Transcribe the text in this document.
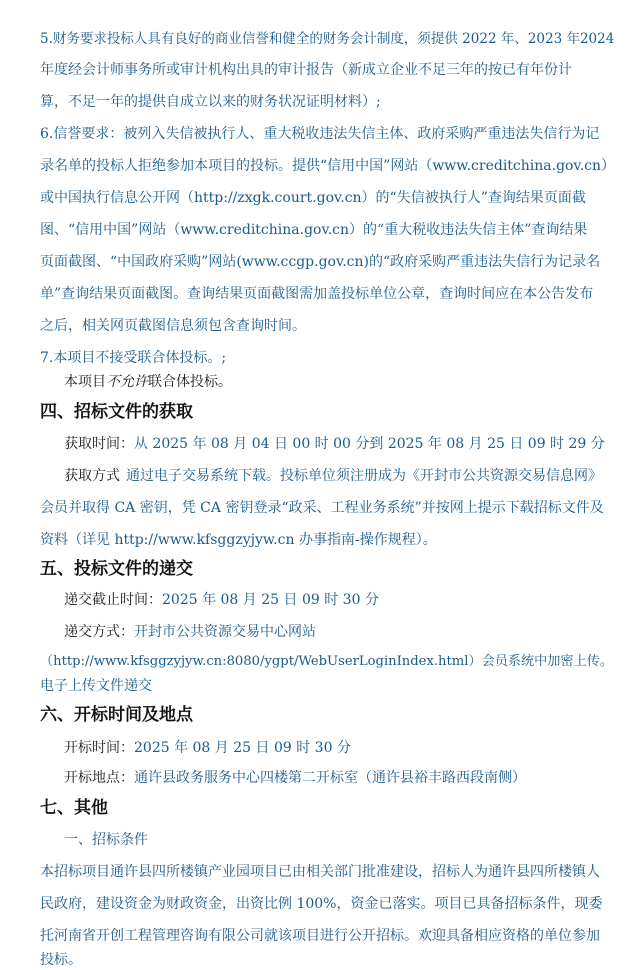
5.财务要求投标人具有良好的商业信誉和健全的财务会计制度，须提供 2022 年、2023 年2024
年度经会计师事务所或审计机构出具的审计报告（新成立企业不足三年的按已有年份计
算，不足一年的提供自成立以来的财务状况证明材料）;
6.信誉要求：被列入失信被执行人、重大税收违法失信主体、政府采购严重违法失信行为记
录名单的投标人拒绝参加本项目的投标。提供“信用中国”网站（www.creditchina.gov.cn）
或中国执行信息公开网（http://zxgk.court.gov.cn）的“失信被执行人”查询结果页面截
图、“信用中国”网站（www.creditchina.gov.cn）的“重大税收违法失信主体”查询结果
页面截图、“中国政府采购”网站(www.ccgp.gov.cn)的“政府采购严重违法失信行为记录名
单”查询结果页面截图。查询结果页面截图需加盖投标单位公章，查询时间应在本公告发布
之后，相关网页截图信息须包含查询时间。
7.本项目不接受联合体投标。;
本项目不允许联合体投标。
四、招标文件的获取
获取时间：从 2025 年 08 月 04 日 00 时 00 分到 2025 年 08 月 25 日 09 时 29 分
获取方式 通过电子交易系统下载。投标单位须注册成为《开封市公共资源交易信息网》
会员并取得 CA 密钥，凭 CA 密钥登录“政采、工程业务系统”并按网上提示下载招标文件及
资料（详见 http://www.kfsggzyjyw.cn 办事指南-操作规程）。
五、投标文件的递交
递交截止时间：2025 年 08 月 25 日 09 时 30 分
递交方式：开封市公共资源交易中心网站
（http://www.kfsggzyjyw.cn:8080/ygpt/WebUserLoginIndex.html）会员系统中加密上传。
电子上传文件递交
六、开标时间及地点
开标时间：2025 年 08 月 25 日 09 时 30 分
开标地点：通许县政务服务中心四楼第二开标室（通许县裕丰路西段南侧）
七、其他
一、招标条件
本招标项目通许县四所楼镇产业园项目已由相关部门批准建设，招标人为通许县四所楼镇人
民政府，建设资金为财政资金，出资比例 100%，资金已落实。项目已具备招标条件，现委
托河南省开创工程管理咨询有限公司就该项目进行公开招标。欢迎具备相应资格的单位参加
投标。
